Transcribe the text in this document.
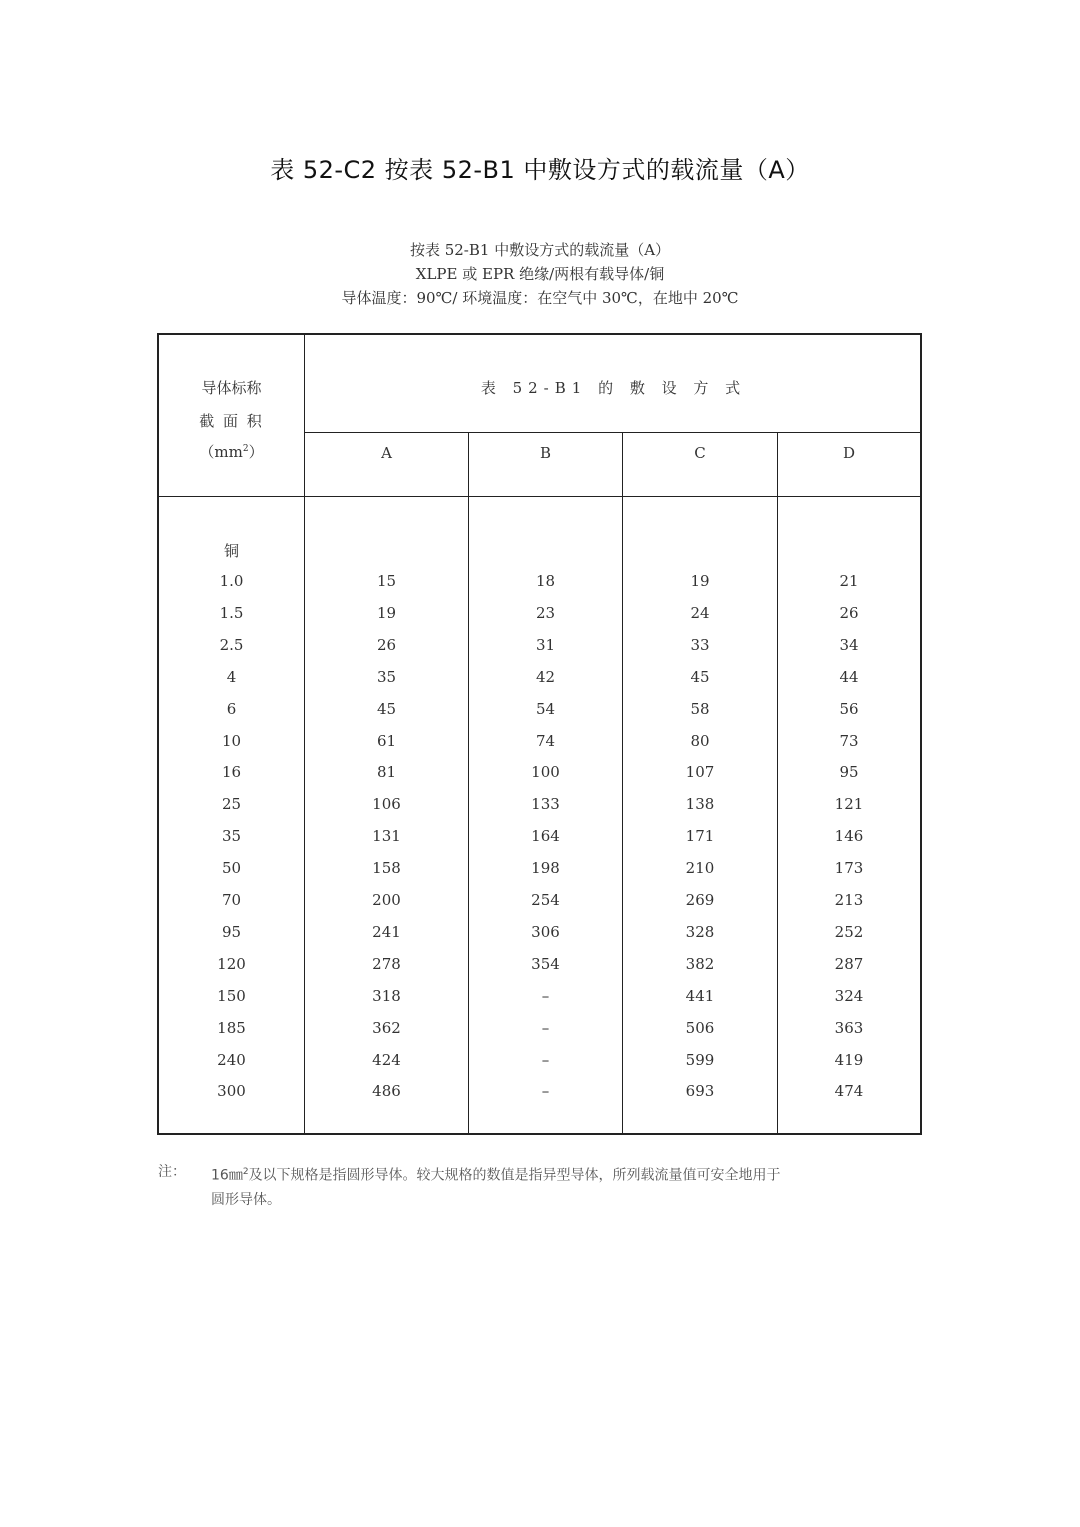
表 52-C2 按表 52-B1 中敷设方式的载流量（A）
按表 52-B1 中敷设方式的载流量（A）
XLPE 或 EPR 绝缘/两根有载导体/铜
导体温度：90℃/ 环境温度：在空气中 30℃，在地中 20℃
导体标称
截 面 积
$(mm^2)$
表 52-B1 的 敷 设 方 式
A	B	C	D
铜
1.0	15	18	19	21
1.5	19	23	24	26
2.5	26	31	33	34
4	35	42	45	44
6	45	54	58	56
10	61	74	80	73
16	81	100	107	95
25	106	133	138	121
35	131	164	171	146
50	158	198	210	173
70	200	254	269	213
95	241	306	328	252
120	278	354	382	287
150	318	–	441	324
185	362	–	506	363
240	424	–	599	419
300	486	–	693	474
注： 16㎜$^2$及以下规格是指圆形导体。较大规格的数值是指异型导体，所列载流量值可安全地用于
圆形导体。
